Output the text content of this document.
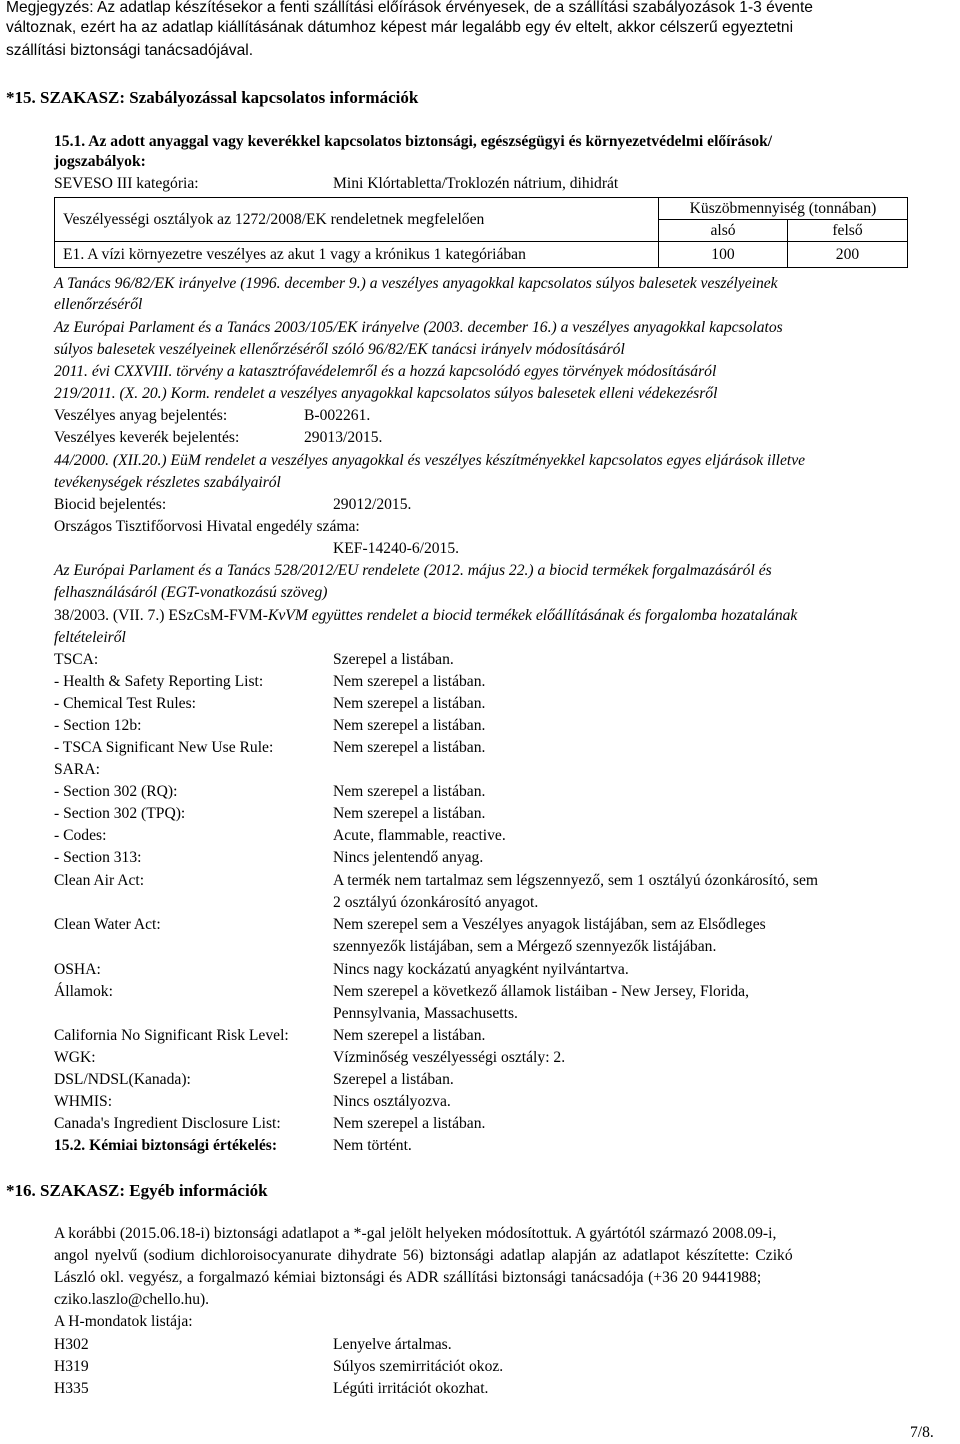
Megjegyzés: Az adatlap készítésekor a fenti szállítási előírások érvényesek, de a szállítási szabályozások 1-3 évente
változnak, ezért ha az adatlap kiállításának dátumhoz képest már legalább egy év eltelt, akkor célszerű egyeztetni
szállítási biztonsági tanácsadójával.
*15. SZAKASZ: Szabályozással kapcsolatos információk
15.1. Az adott anyaggal vagy keverékkel kapcsolatos biztonsági, egészségügyi és környezetvédelmi előírások/
jogszabályok:
SEVESO III kategória:	Mini Klórtabletta/Troklozén nátrium, dihidrát
Veszélyességi osztályok az 1272/2008/EK rendeletnek megfelelően	Küszöbmennyiség (tonnában)	
	alsó	felső
E1. A vízi környezetre veszélyes az akut 1 vagy a krónikus 1 kategóriában	100	200
A Tanács 96/82/EK irányelve (1996. december 9.) a veszélyes anyagokkal kapcsolatos súlyos balesetek veszélyeinek
ellenőrzéséről
Az Európai Parlament és a Tanács 2003/105/EK irányelve (2003. december 16.) a veszélyes anyagokkal kapcsolatos
súlyos balesetek veszélyeinek ellenőrzéséről szóló 96/82/EK tanácsi irányelv módosításáról
2011. évi CXXVIII. törvény a katasztrófavédelemről és a hozzá kapcsolódó egyes törvények módosításáról
219/2011. (X. 20.) Korm. rendelet a veszélyes anyagokkal kapcsolatos súlyos balesetek elleni védekezésről
Veszélyes anyag bejelentés:	B-002261.
Veszélyes keverék bejelentés:	29013/2015.
44/2000. (XII.20.) EüM rendelet a veszélyes anyagokkal és veszélyes készítményekkel kapcsolatos egyes eljárások illetve
tevékenységek részletes szabályairól
Biocid bejelentés:	29012/2015.
Országos Tisztifőorvosi Hivatal engedély száma:
KEF-14240-6/2015.
Az Európai Parlament és a Tanács 528/2012/EU rendelete (2012. május 22.) a biocid termékek forgalmazásáról és
felhasználásáról (EGT-vonatkozású szöveg)
38/2003. (VII. 7.) ESzCsM-FVM-KvVM együttes rendelet a biocid termékek előállításának és forgalomba hozatalának
feltételeiről
TSCA:	Szerepel a listában.
- Health & Safety Reporting List:	Nem szerepel a listában.
- Chemical Test Rules:	Nem szerepel a listában.
- Section 12b:	Nem szerepel a listában.
- TSCA Significant New Use Rule:	Nem szerepel a listában.
SARA:
- Section 302 (RQ):	Nem szerepel a listában.
- Section 302 (TPQ):	Nem szerepel a listában.
- Codes:	Acute, flammable, reactive.
- Section 313:	Nincs jelentendő anyag.
Clean Air Act:	A termék nem tartalmaz sem légszennyező, sem 1 osztályú ózonkárosító, sem
2 osztályú ózonkárosító anyagot.
Clean Water Act:	Nem szerepel sem a Veszélyes anyagok listájában, sem az Elsődleges
szennyezők listájában, sem a Mérgező szennyezők listájában.
OSHA:	Nincs nagy kockázatú anyagként nyilvántartva.
Államok:	Nem szerepel a következő államok listáiban - New Jersey, Florida,
Pennsylvania, Massachusetts.
California No Significant Risk Level:	Nem szerepel a listában.
WGK:	Vízminőség veszélyességi osztály: 2.
DSL/NDSL(Kanada):	Szerepel a listában.
WHMIS:	Nincs osztályozva.
Canada's Ingredient Disclosure List:	Nem szerepel a listában.
15.2. Kémiai biztonsági értékelés:	Nem történt.
*16. SZAKASZ: Egyéb információk
A korábbi (2015.06.18-i) biztonsági adatlapot a *-gal jelölt helyeken módosítottuk. A gyártótól származó 2008.09-i,
angol nyelvű (sodium dichloroisocyanurate dihydrate 56) biztonsági adatlap alapján az adatlapot készítette: Czikó
László okl. vegyész, a forgalmazó kémiai biztonsági és ADR szállítási biztonsági tanácsadója (+36 20 9441988;
cziko.laszlo@chello.hu).
A H-mondatok listája:
H302	Lenyelve ártalmas.
H319	Súlyos szemirritációt okoz.
H335	Légúti irritációt okozhat.
7/8.
